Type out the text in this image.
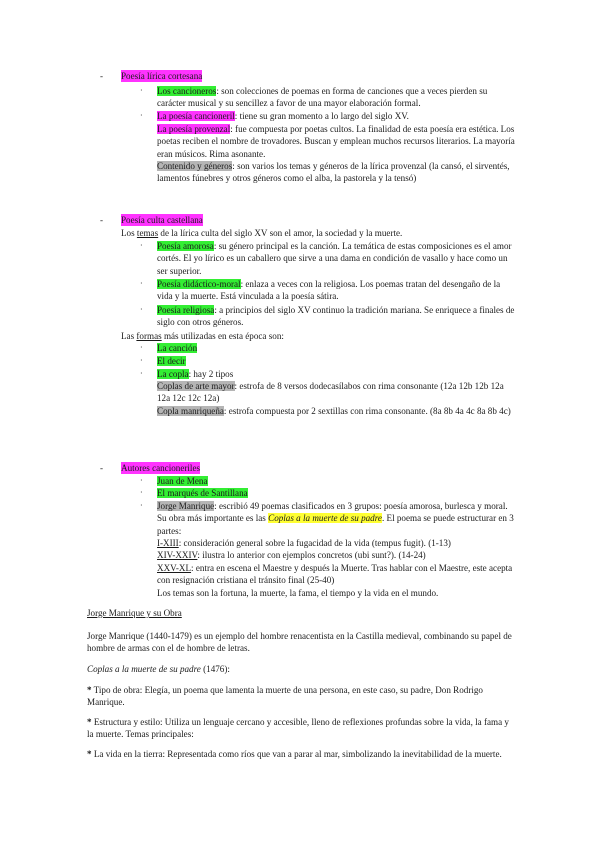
- Poesía lírica cortesana
· Los cancioneros: son colecciones de poemas en forma de canciones que a veces pierden su carácter musical y su sencillez a favor de una mayor elaboración formal.
· La poesía cancioneril: tiene su gran momento a lo largo del siglo XV.
La poesía provenzal: fue compuesta por poetas cultos. La finalidad de esta poesía era estética. Los poetas reciben el nombre de trovadores. Buscan y emplean muchos recursos literarios. La mayoría eran músicos. Rima asonante.
Contenido y géneros: son varios los temas y géneros de la lírica provenzal (la cansó, el sirventés, lamentos fúnebres y otros géneros como el alba, la pastorela y la tensó)
- Poesía culta castellana
Los temas de la lírica culta del siglo XV son el amor, la sociedad y la muerte.
· Poesía amorosa: su género principal es la canción. La temática de estas composiciones es el amor cortés. El yo lírico es un caballero que sirve a una dama en condición de vasallo y hace como un ser superior.
· Poesía didáctico-moral: enlaza a veces con la religiosa. Los poemas tratan del desengaño de la vida y la muerte. Está vinculada a la poesía sátira.
· Poesía religiosa: a principios del siglo XV continuo la tradición mariana. Se enriquece a finales de siglo con otros géneros.
Las formas más utilizadas en esta época son:
· La canción
· El decir
· La copla: hay 2 tipos
Coplas de arte mayor: estrofa de 8 versos dodecasílabos con rima consonante (12a 12b 12b 12a 12a 12c 12c 12a)
Copla manriqueña: estrofa compuesta por 2 sextillas con rima consonante. (8a 8b 4a 4c 8a 8b 4c)
- Autores cancioneriles
· Juan de Mena
· El marqués de Santillana
· Jorge Manrique: escribió 49 poemas clasificados en 3 grupos: poesía amorosa, burlesca y moral. Su obra más importante es las Coplas a la muerte de su padre. El poema se puede estructurar en 3 partes:
I-XIII: consideración general sobre la fugacidad de la vida (tempus fugit). (1-13)
XIV-XXIV: ilustra lo anterior con ejemplos concretos (ubi sunt?). (14-24)
XXV-XL: entra en escena el Maestre y después la Muerte. Tras hablar con el Maestre, este acepta con resignación cristiana el tránsito final (25-40)
Los temas son la fortuna, la muerte, la fama, el tiempo y la vida en el mundo.
Jorge Manrique y su Obra
Jorge Manrique (1440-1479) es un ejemplo del hombre renacentista en la Castilla medieval, combinando su papel de hombre de armas con el de hombre de letras.
Coplas a la muerte de su padre (1476):
* Tipo de obra: Elegía, un poema que lamenta la muerte de una persona, en este caso, su padre, Don Rodrigo Manrique.
* Estructura y estilo: Utiliza un lenguaje cercano y accesible, lleno de reflexiones profundas sobre la vida, la fama y la muerte. Temas principales:
* La vida en la tierra: Representada como ríos que van a parar al mar, simbolizando la inevitabilidad de la muerte.
